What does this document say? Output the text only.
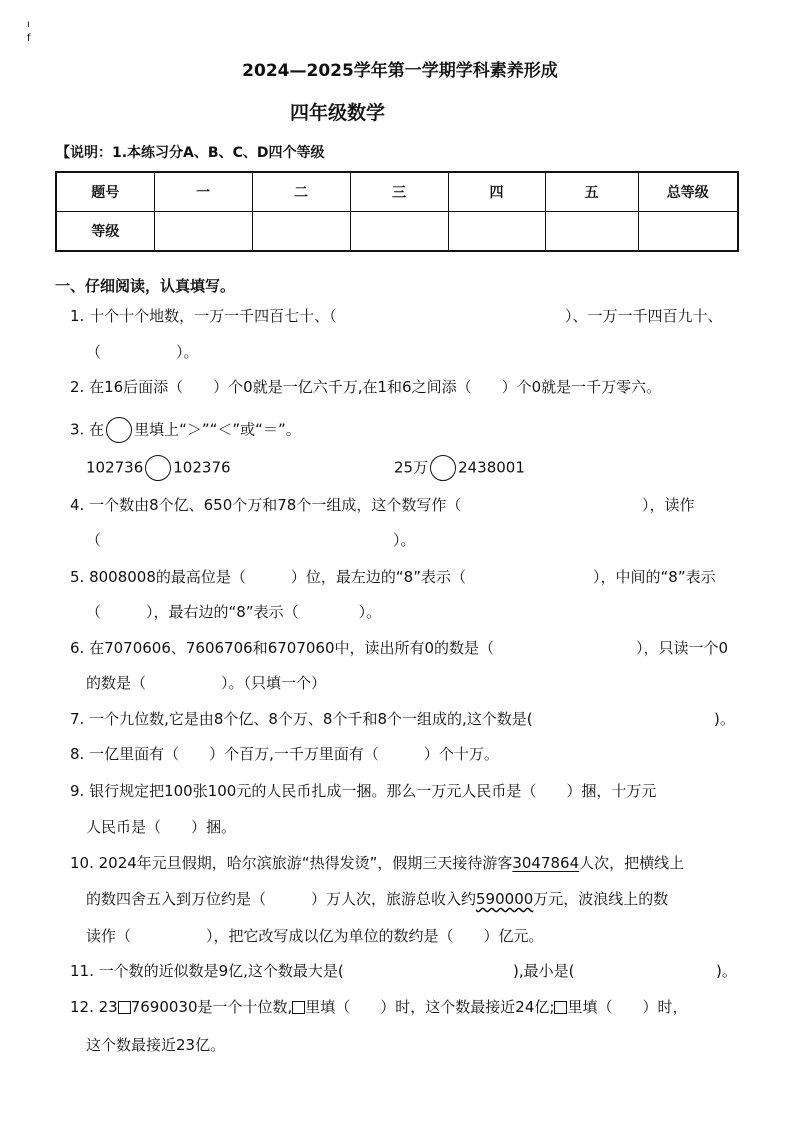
ı
f
2024—2025学年第一学期学科素养形成
四年级数学
【说明：1.本练习分A、B、C、D四个等级
题号	一	二	三	四	五	总等级
等级						
一、仔细阅读，认真填写。
1. 十个十个地数，一万一千四百七十、（	）、一万一千四百九十、
（　　　　　）。
2. 在16后面添（　　）个0就是一亿六千万,在1和6之间添（　　）个0就是一千万零六。
3. 在 里填上“＞”“＜”或“＝”。
102736 102376	25万 2438001
4. 一个数由8个亿、650个万和78个一组成，这个数写作（	），读作
（	）。
5. 8008008的最高位是（　　　）位，最左边的“8”表示（	），中间的“8”表示
（　　　），最右边的“8”表示（　　　　）。
6. 在7070606、7606706和6707060中，读出所有0的数是（	），只读一个0
的数是（　　　　　）。（只填一个）
7. 一个九位数,它是由8个亿、8个万、8个千和8个一组成的,这个数是(	)。
8. 一亿里面有（　　）个百万,一千万里面有（　　　）个十万。
9. 银行规定把100张100元的人民币扎成一捆。那么一万元人民币是（　　）捆，十万元
人民币是（　　）捆。
10. 2024年元旦假期，哈尔滨旅游“热得发烫”，假期三天接待游客3047864人次，把横线上
的数四舍五入到万位约是（　　　）万人次，旅游总收入约590000万元，波浪线上的数
读作（　　　　　），把它改写成以亿为单位的数约是（　　）亿元。
11. 一个数的近似数是9亿,这个数最大是(	),最小是(	)。
12. 23 7690030是一个十位数, 里填（　　）时，这个数最接近24亿; 里填（　　）时，
这个数最接近23亿。
